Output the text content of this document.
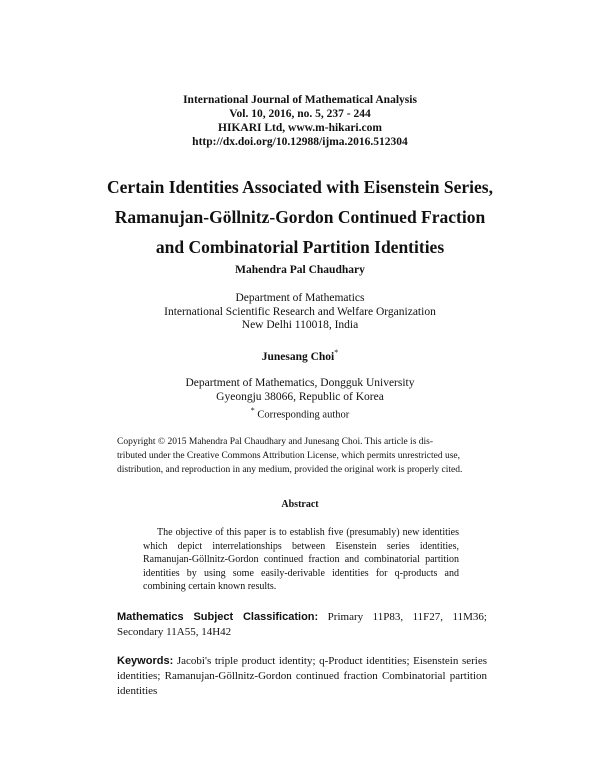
International Journal of Mathematical Analysis
Vol. 10, 2016, no. 5, 237 - 244
HIKARI Ltd, www.m-hikari.com
http://dx.doi.org/10.12988/ijma.2016.512304
Certain Identities Associated with Eisenstein Series,
Ramanujan-Göllnitz-Gordon Continued Fraction
and Combinatorial Partition Identities
Mahendra Pal Chaudhary
Department of Mathematics
International Scientific Research and Welfare Organization
New Delhi 110018, India
Junesang Choi*
Department of Mathematics, Dongguk University
Gyeongju 38066, Republic of Korea
* Corresponding author
Copyright © 2015 Mahendra Pal Chaudhary and Junesang Choi. This article is dis-
tributed under the Creative Commons Attribution License, which permits unrestricted use,
distribution, and reproduction in any medium, provided the original work is properly cited.
Abstract
The objective of this paper is to establish five (presumably) new identities which depict interrelationships between Eisenstein series identities, Ramanujan-Göllnitz-Gordon continued fraction and combinatorial partition identities by using some easily-derivable identities for q-products and combining certain known results.
Mathematics Subject Classification: Primary 11P83, 11F27, 11M36; Secondary 11A55, 14H42
Keywords: Jacobi's triple product identity; q-Product identities; Eisenstein series identities; Ramanujan-Göllnitz-Gordon continued fraction Combinatorial partition identities
